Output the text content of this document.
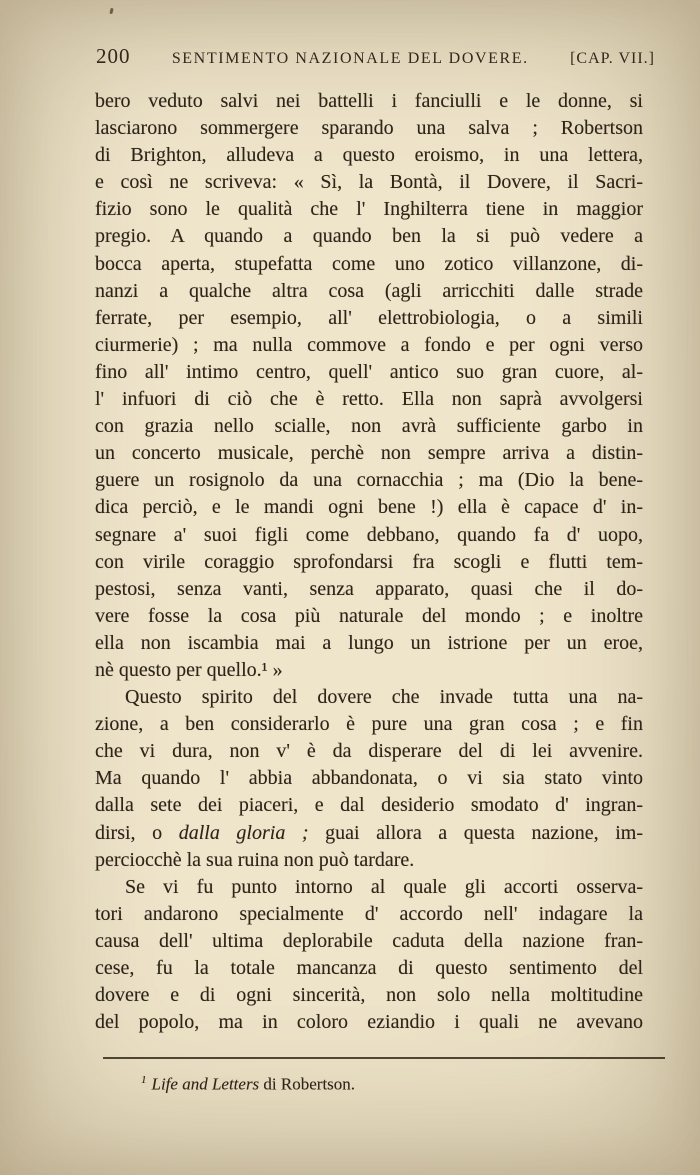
200	SENTIMENTO NAZIONALE DEL DOVERE.	[CAP. VII.]
bero veduto salvi nei battelli i fanciulli e le donne, si
lasciarono sommergere sparando una salva ; Robertson
di Brighton, alludeva a questo eroismo, in una lettera,
e così ne scriveva: « Sì, la Bontà, il Dovere, il Sacri-
fizio sono le qualità che l' Inghilterra tiene in maggior
pregio. A quando a quando ben la si può vedere a
bocca aperta, stupefatta come uno zotico villanzone, di-
nanzi a qualche altra cosa (agli arricchiti dalle strade
ferrate, per esempio, all' elettrobiologia, o a simili
ciurmerie) ; ma nulla commove a fondo e per ogni verso
fino all' intimo centro, quell' antico suo gran cuore, al-
l' infuori di ciò che è retto. Ella non saprà avvolgersi
con grazia nello scialle, non avrà sufficiente garbo in
un concerto musicale, perchè non sempre arriva a distin-
guere un rosignolo da una cornacchia ; ma (Dio la bene-
dica perciò, e le mandi ogni bene !) ella è capace d' in-
segnare a' suoi figli come debbano, quando fa d' uopo,
con virile coraggio sprofondarsi fra scogli e flutti tem-
pestosi, senza vanti, senza apparato, quasi che il do-
vere fosse la cosa più naturale del mondo ; e inoltre
ella non iscambia mai a lungo un istrione per un eroe,
nè questo per quello.¹ »
Questo spirito del dovere che invade tutta una na-
zione, a ben considerarlo è pure una gran cosa ; e fin
che vi dura, non v' è da disperare del di lei avvenire.
Ma quando l' abbia abbandonata, o vi sia stato vinto
dalla sete dei piaceri, e dal desiderio smodato d' ingran-
dirsi, o dalla gloria ; guai allora a questa nazione, im-
perciocchè la sua ruina non può tardare.
Se vi fu punto intorno al quale gli accorti osserva-
tori andarono specialmente d' accordo nell' indagare la
causa dell' ultima deplorabile caduta della nazione fran-
cese, fu la totale mancanza di questo sentimento del
dovere e di ogni sincerità, non solo nella moltitudine
del popolo, ma in coloro eziandio i quali ne avevano
$^1$ Life and Letters di Robertson.
